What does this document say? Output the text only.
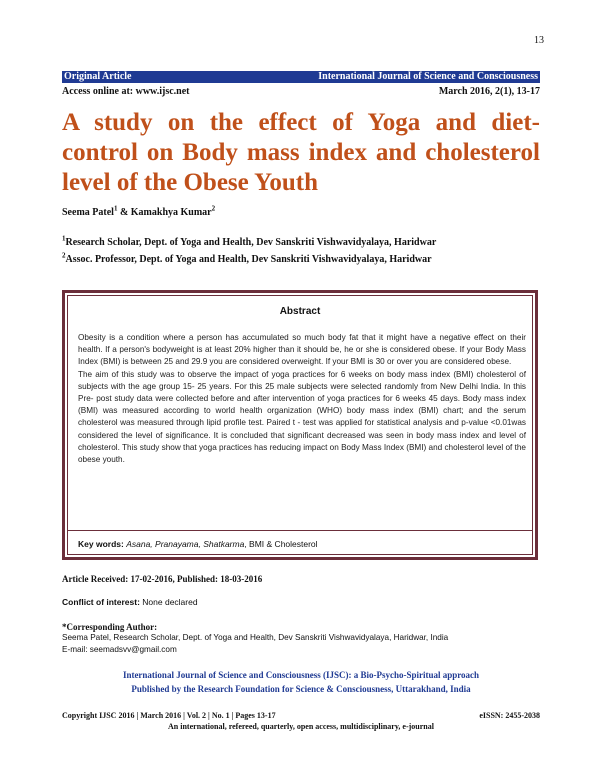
13
Original Article	International Journal of Science and Consciousness
Access online at: www.ijsc.net	March 2016, 2(1), 13-17
A study on the effect of Yoga and diet-control on Body mass index and cholesterol level of the Obese Youth
Seema Patel$^1$ & Kamakhya Kumar$^2$
$^1$Research Scholar, Dept. of Yoga and Health, Dev Sanskriti Vishwavidyalaya, Haridwar
$^2$Assoc. Professor, Dept. of Yoga and Health, Dev Sanskriti Vishwavidyalaya, Haridwar
Abstract

Obesity is a condition where a person has accumulated so much body fat that it might have a negative effect on their health. If a person's bodyweight is at least 20% higher than it should be, he or she is considered obese. If your Body Mass Index (BMI) is between 25 and 29.9 you are considered overweight. If your BMI is 30 or over you are considered obese.

The aim of this study was to observe the impact of yoga practices for 6 weeks on body mass index (BMI) cholesterol of subjects with the age group 15- 25 years. For this 25 male subjects were selected randomly from New Delhi India. In this Pre- post study data were collected before and after intervention of yoga practices for 6 weeks 45 days. Body mass index (BMI) was measured according to world health organization (WHO) body mass index (BMI) chart; and the serum cholesterol was measured through lipid profile test. Paired t - test was applied for statistical analysis and p-value <0.01was considered the level of significance. It is concluded that significant decreased was seen in body mass index and level of cholesterol. This study show that yoga practices has reducing impact on Body Mass Index (BMI) and cholesterol level of the obese youth.

Key words: Asana, Pranayama, Shatkarma, BMI & Cholesterol
Article Received: 17-02-2016, Published: 18-03-2016
Conflict of interest: None declared
*Corresponding Author:
Seema Patel, Research Scholar, Dept. of Yoga and Health, Dev Sanskriti Vishwavidyalaya, Haridwar, India
E-mail: seemadsvv@gmail.com
International Journal of Science and Consciousness (IJSC): a Bio-Psycho-Spiritual approach
Published by the Research Foundation for Science & Consciousness, Uttarakhand, India
Copyright IJSC 2016 | March 2016 | Vol. 2 | No. 1 | Pages 13-17	eISSN: 2455-2038
An international, refereed, quarterly, open access, multidisciplinary, e-journal
